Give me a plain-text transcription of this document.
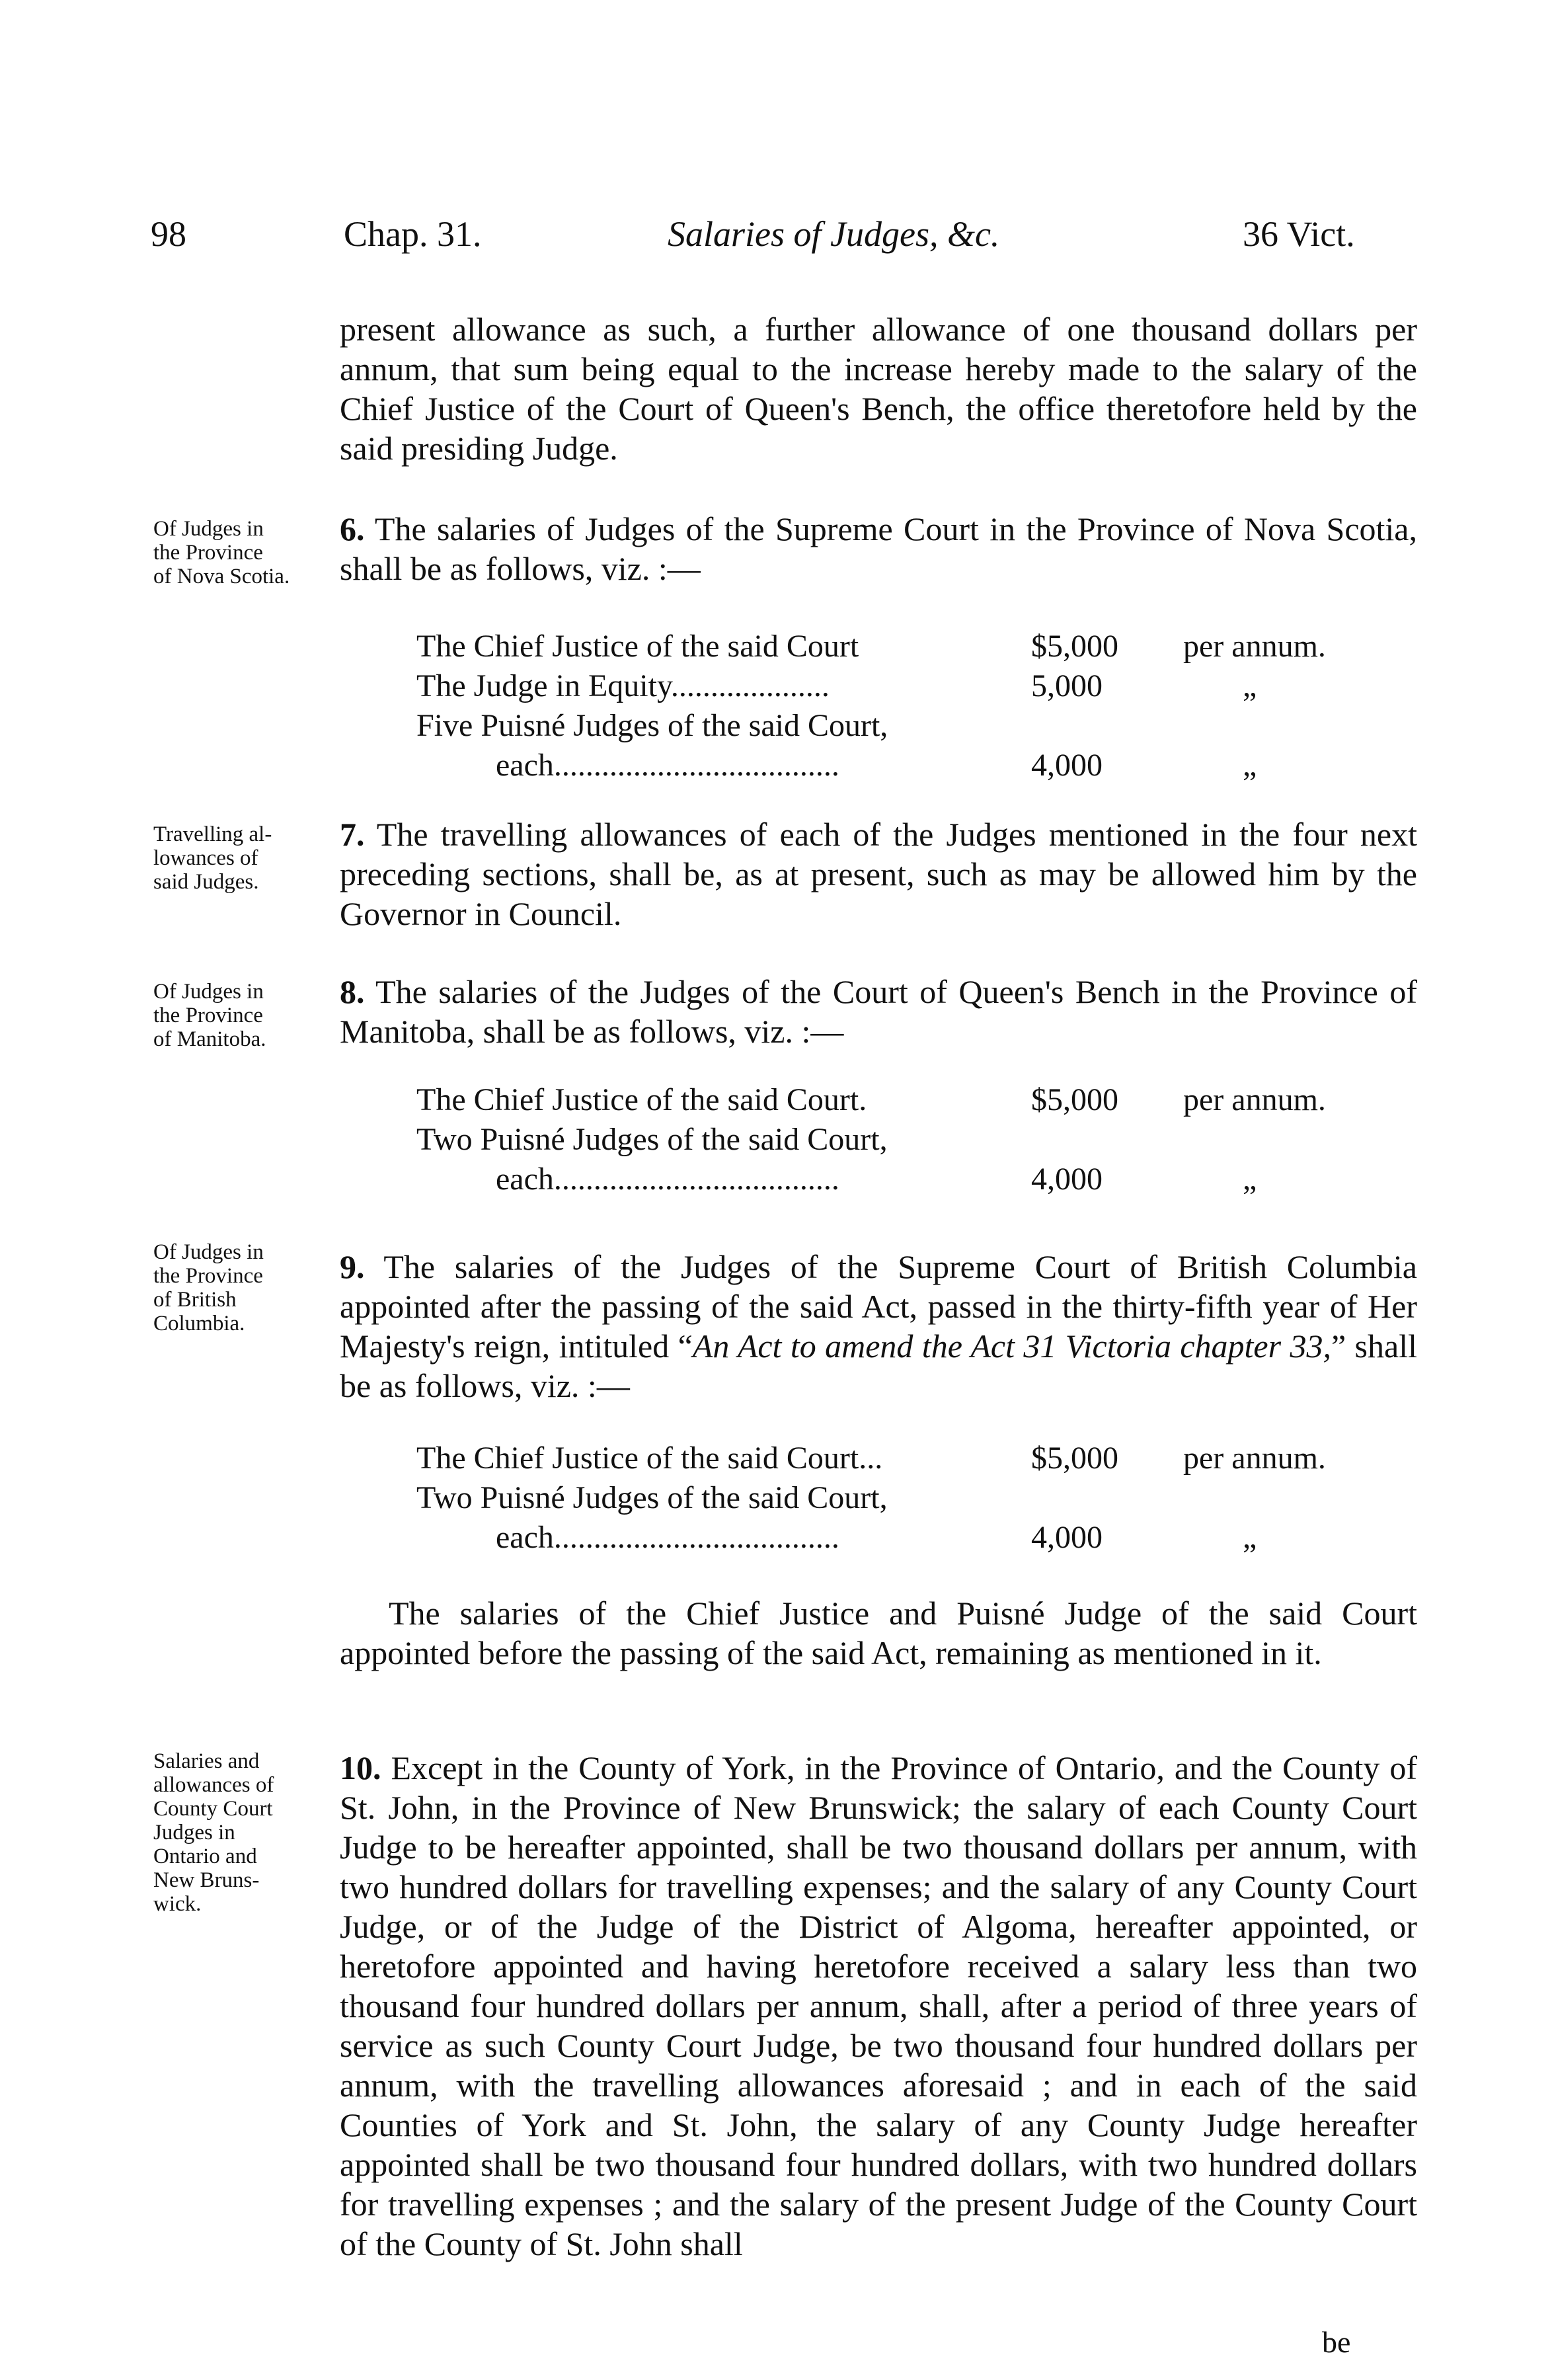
98	Chap. 31.	Salaries of Judges, &c.	36 Vict.
present allowance as such, a further allowance of one thousand dollars per annum, that sum being equal to the increase hereby made to the salary of the Chief Justice of the Court of Queen's Bench, the office theretofore held by the said presiding Judge.
Of Judges in
the Province
of Nova Scotia.
6. The salaries of Judges of the Supreme Court in the Province of Nova Scotia, shall be as follows, viz. :—
The Chief Justice of the said Court	$5,000 per annum.
The Judge in Equity....................	5,000	„
Five Puisné Judges of the said Court,
each....................................	4,000	„
Travelling al-
lowances of
said Judges.
7. The travelling allowances of each of the Judges mentioned in the four next preceding sections, shall be, as at present, such as may be allowed him by the Governor in Council.
Of Judges in
the Province
of Manitoba.
8. The salaries of the Judges of the Court of Queen's Bench in the Province of Manitoba, shall be as follows, viz. :—
The Chief Justice of the said Court.	$5,000 per annum.
Two Puisné Judges of the said Court,
each....................................	4,000	„
Of Judges in
the Province
of British
Columbia.
9. The salaries of the Judges of the Supreme Court of British Columbia appointed after the passing of the said Act, passed in the thirty-fifth year of Her Majesty's reign, intituled “An Act to amend the Act 31 Victoria chapter 33,” shall be as follows, viz. :—
The Chief Justice of the said Court...	$5,000 per annum.
Two Puisné Judges of the said Court,
each....................................	4,000	„
The salaries of the Chief Justice and Puisné Judge of the said Court appointed before the passing of the said Act, remaining as mentioned in it.
Salaries and
allowances of
County Court
Judges in
Ontario and
New Bruns-
wick.
10. Except in the County of York, in the Province of Ontario, and the County of St. John, in the Province of New Brunswick; the salary of each County Court Judge to be hereafter appointed, shall be two thousand dollars per annum, with two hundred dollars for travelling expenses; and the salary of any County Court Judge, or of the Judge of the District of Algoma, hereafter appointed, or heretofore appointed and having heretofore received a salary less than two thousand four hundred dollars per annum, shall, after a period of three years of service as such County Court Judge, be two thousand four hundred dollars per annum, with the travelling allowances aforesaid ; and in each of the said Counties of York and St. John, the salary of any County Judge hereafter appointed shall be two thousand four hundred dollars, with two hundred dollars for travelling expenses ; and the salary of the present Judge of the County Court of the County of St. John shall
be
